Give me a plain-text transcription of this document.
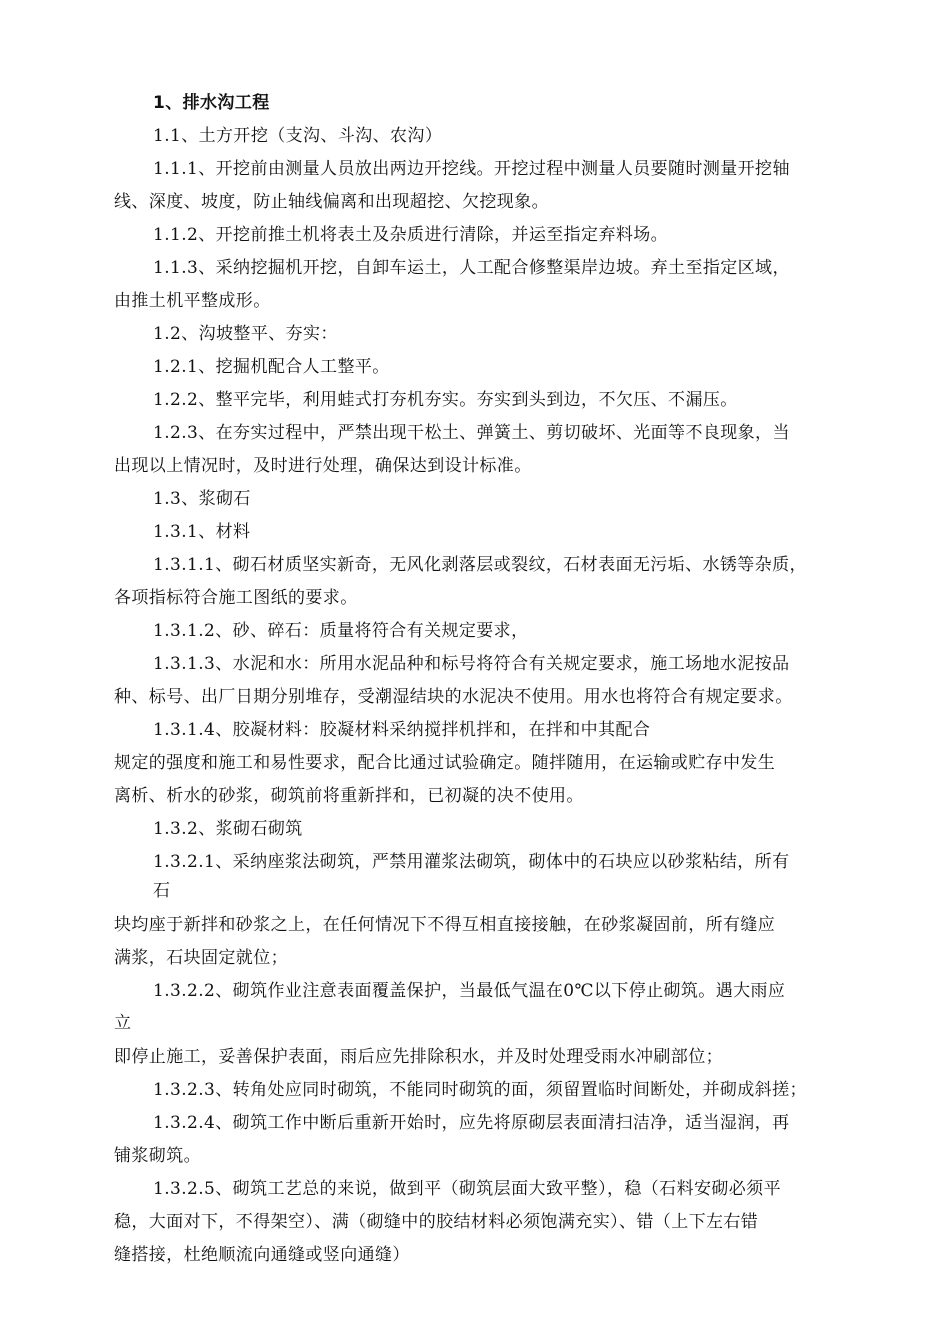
1、排水沟工程
1.1、土方开挖（支沟、斗沟、农沟）
1.1.1、开挖前由测量人员放出两边开挖线。开挖过程中测量人员要随时测量开挖轴
线、深度、坡度，防止轴线偏离和出现超挖、欠挖现象。
1.1.2、开挖前推土机将表土及杂质进行清除，并运至指定弃料场。
1.1.3、采纳挖掘机开挖，自卸车运土，人工配合修整渠岸边坡。弃土至指定区域，
由推土机平整成形。
1.2、沟坡整平、夯实：
1.2.1、挖掘机配合人工整平。
1.2.2、整平完毕，利用蛙式打夯机夯实。夯实到头到边，不欠压、不漏压。
1.2.3、在夯实过程中，严禁出现干松土、弹簧土、剪切破坏、光面等不良现象，当
出现以上情况时，及时进行处理，确保达到设计标准。
1.3、浆砌石
1.3.1、材料
1.3.1.1、砌石材质坚实新奇，无风化剥落层或裂纹，石材表面无污垢、水锈等杂质，
各项指标符合施工图纸的要求。
1.3.1.2、砂、碎石：质量将符合有关规定要求，
1.3.1.3、水泥和水：所用水泥品种和标号将符合有关规定要求，施工场地水泥按品
种、标号、出厂日期分别堆存，受潮湿结块的水泥决不使用。用水也将符合有规定要求。
1.3.1.4、胶凝材料：胶凝材料采纳搅拌机拌和，在拌和中其配合
规定的强度和施工和易性要求，配合比通过试验确定。随拌随用，在运输或贮存中发生
离析、析水的砂浆，砌筑前将重新拌和，已初凝的决不使用。
1.3.2、浆砌石砌筑
1.3.2.1、采纳座浆法砌筑，严禁用灌浆法砌筑，砌体中的石块应以砂浆粘结，所有
石
块均座于新拌和砂浆之上，在任何情况下不得互相直接接触，在砂浆凝固前，所有缝应
满浆，石块固定就位；
1.3.2.2、砌筑作业注意表面覆盖保护，当最低气温在0℃以下停止砌筑。遇大雨应
立
即停止施工，妥善保护表面，雨后应先排除积水，并及时处理受雨水冲刷部位；
1.3.2.3、转角处应同时砌筑，不能同时砌筑的面，须留置临时间断处，并砌成斜搓；
1.3.2.4、砌筑工作中断后重新开始时，应先将原砌层表面清扫洁净，适当湿润，再
铺浆砌筑。
1.3.2.5、砌筑工艺总的来说，做到平（砌筑层面大致平整），稳（石料安砌必须平
稳，大面对下，不得架空）、满（砌缝中的胶结材料必须饱满充实）、错（上下左右错
缝搭接，杜绝顺流向通缝或竖向通缝）
